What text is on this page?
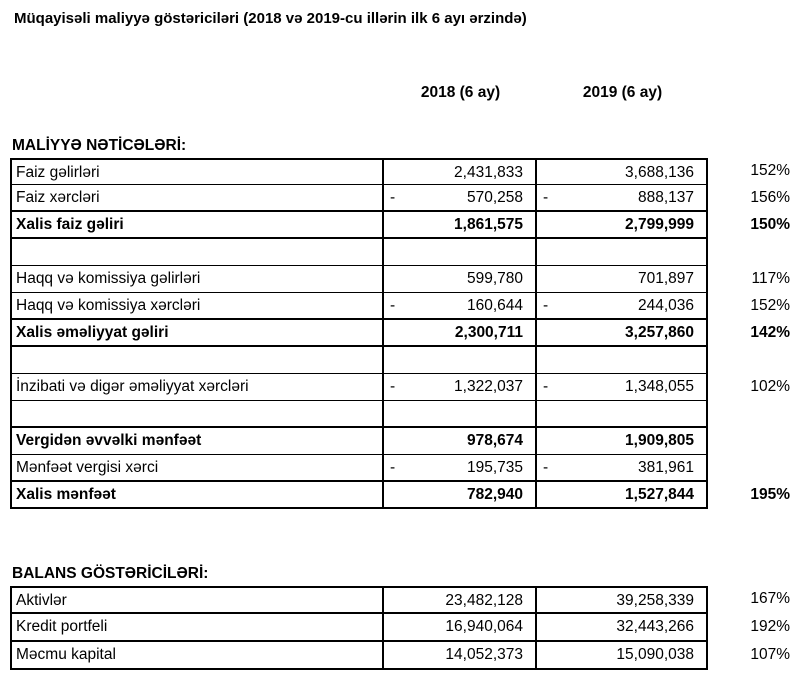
Müqayisəli maliyyə göstəriciləri (2018 və 2019-cu illərin ilk 6 ayı ərzində)
2018 (6 ay)	2019 (6 ay)
MALİYYƏ NƏTİCƏLƏRİ:
Faiz gəlirləri	2,431,833	3,688,136	152%
Faiz xərcləri	-	570,258 -	888,137	156%
Xalis faiz gəliri	1,861,575	2,799,999	150%
Haqq və komissiya gəlirləri	599,780	701,897	117%
Haqq və komissiya xərcləri	-	160,644 -	244,036	152%
Xalis əməliyyat gəliri	2,300,711	3,257,860	142%
İnzibati və digər əməliyyat xərcləri	-	1,322,037 -	1,348,055	102%
Vergidən əvvəlki mənfəət	978,674	1,909,805
Mənfəət vergisi xərci	-	195,735 -	381,961
Xalis mənfəət	782,940	1,527,844	195%
BALANS GÖSTƏRİCİLƏRİ:
Aktivlər	23,482,128	39,258,339	167%
Kredit portfeli	16,940,064	32,443,266	192%
Məcmu kapital	14,052,373	15,090,038	107%
